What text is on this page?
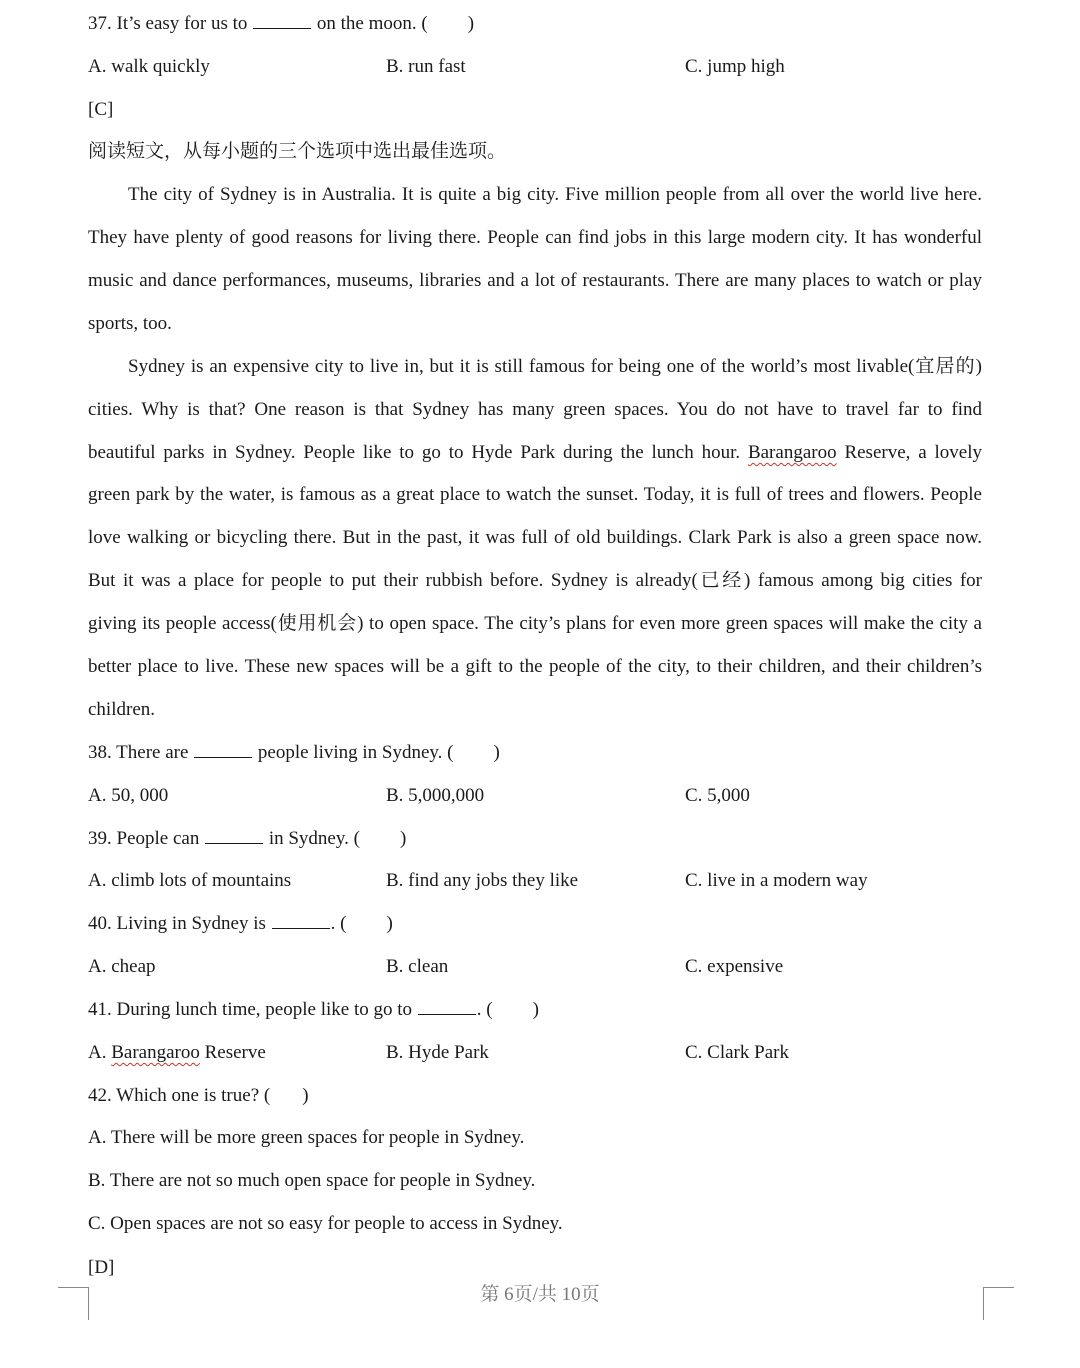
37. It’s easy for us to	on the moon. ( )
A. walk quickly	B. run fast	C. jump high
[C]
阅读短文，从每小题的三个选项中选出最佳选项。
The city of Sydney is in Australia. It is quite a big city. Five million people from all over the world live here.
They have plenty of good reasons for living there. People can find jobs in this large modern city. It has wonderful
music and dance performances, museums, libraries and a lot of restaurants. There are many places to watch or play
sports, too.
Sydney is an expensive city to live in, but it is still famous for being one of the world’s most livable(宜居的)
cities. Why is that? One reason is that Sydney has many green spaces. You do not have to travel far to find
beautiful parks in Sydney. People like to go to Hyde Park during the lunch hour. Barangaroo Reserve, a lovely
green park by the water, is famous as a great place to watch the sunset. Today, it is full of trees and flowers. People
love walking or bicycling there. But in the past, it was full of old buildings. Clark Park is also a green space now.
But it was a place for people to put their rubbish before. Sydney is already(已经) famous among big cities for
giving its people access(使用机会) to open space. The city’s plans for even more green spaces will make the city a
better place to live. These new spaces will be a gift to the people of the city, to their children, and their children’s
children.
38. There are	people living in Sydney. ( )
A. 50, 000	B. 5,000,000	C. 5,000
39. People can	in Sydney. ( )
A. climb lots of mountains	B. find any jobs they like	C. live in a modern way
40. Living in Sydney is	. ( )
A. cheap	B. clean	C. expensive
41. During lunch time, people like to go to	. ( )
A. Barangaroo Reserve	B. Hyde Park	C. Clark Park
42. Which one is true? ( )
A. There will be more green spaces for people in Sydney.
B. There are not so much open space for people in Sydney.
C. Open spaces are not so easy for people to access in Sydney.
[D]
第 6页/共 10页
